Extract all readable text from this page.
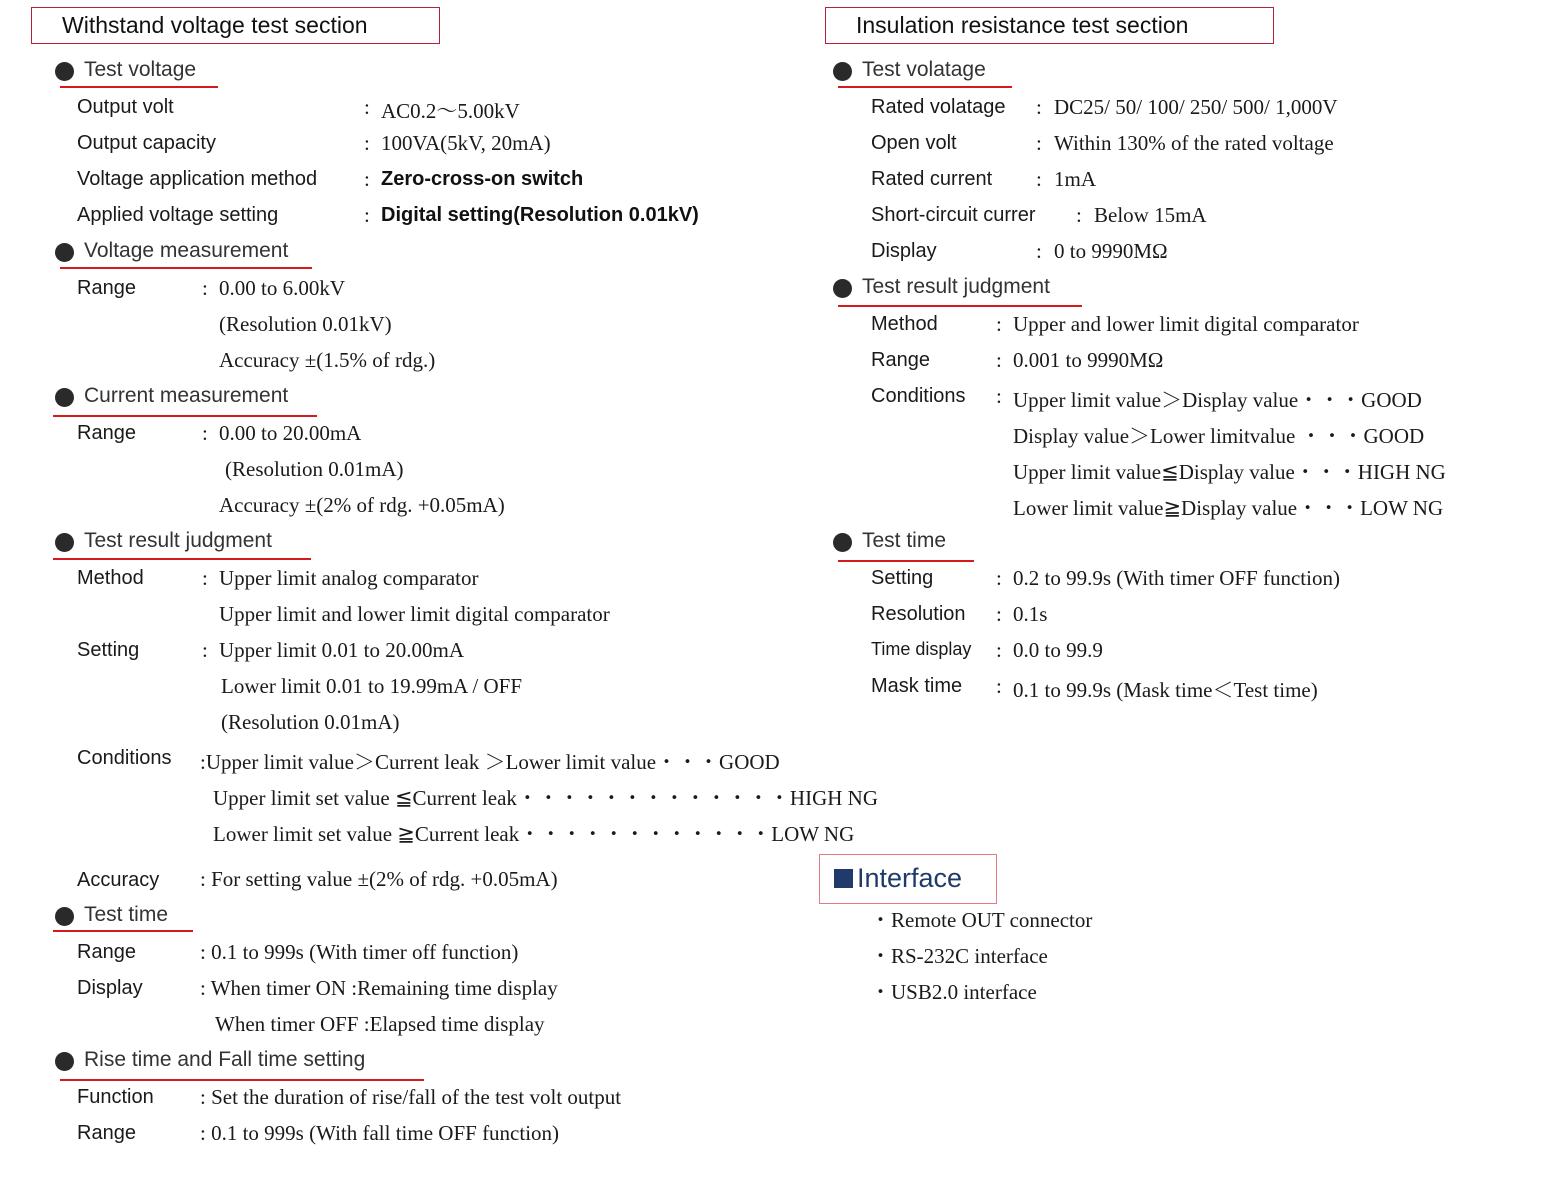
Withstand voltage test section
Test voltage
Output volt	: AC0.2～5.00kV
Output capacity	: 100VA(5kV, 20mA)
Voltage application method : Zero-cross-on switch
Applied voltage setting	: Digital setting(Resolution 0.01kV)
Voltage measurement
Range	: 0.00 to 6.00kV
(Resolution 0.01kV)
Accuracy ±(1.5% of rdg.)
Current measurement
Range	: 0.00 to 20.00mA
(Resolution 0.01mA)
Accuracy ±(2% of rdg. +0.05mA)
Test result judgment
Method	: Upper limit analog comparator
Upper limit and lower limit digital comparator
Setting	: Upper limit 0.01 to 20.00mA
Lower limit 0.01 to 19.99mA / OFF
(Resolution 0.01mA)
Conditions :Upper limit value＞Current leak ＞Lower limit value・・・GOOD
Upper limit set value ≦Current leak・・・・・・・・・・・・・HIGH NG
Lower limit set value ≧Current leak・・・・・・・・・・・・LOW NG
Accuracy : For setting value ±(2% of rdg. +0.05mA)
Test time
Range	: 0.1 to 999s (With timer off function)
Display	: When timer ON :Remaining time display
When timer OFF :Elapsed time display
Rise time and Fall time setting
Function : Set the duration of rise/fall of the test volt output
Range	: 0.1 to 999s (With fall time OFF function)
Insulation resistance test section
Test volatage
Rated volatage : DC25/ 50/ 100/ 250/ 500/ 1,000V
Open volt	: Within 130% of the rated voltage
Rated current : 1mA
Short-circuit currer : Below 15mA
Display	: 0 to 9990MΩ
Test result judgment
Method	: Upper and lower limit digital comparator
Range	: 0.001 to 9990MΩ
Conditions : Upper limit value＞Display value・・・GOOD
Display value＞Lower limitvalue ・・・GOOD
Upper limit value≦Display value・・・HIGH NG
Lower limit value≧Display value・・・LOW NG
Test time
Setting	: 0.2 to 99.9s (With timer OFF function)
Resolution : 0.1s
Time display : 0.0 to 99.9
Mask time : 0.1 to 99.9s (Mask time＜Test time)
Interface
・Remote OUT connector
・RS-232C interface
・USB2.0 interface
